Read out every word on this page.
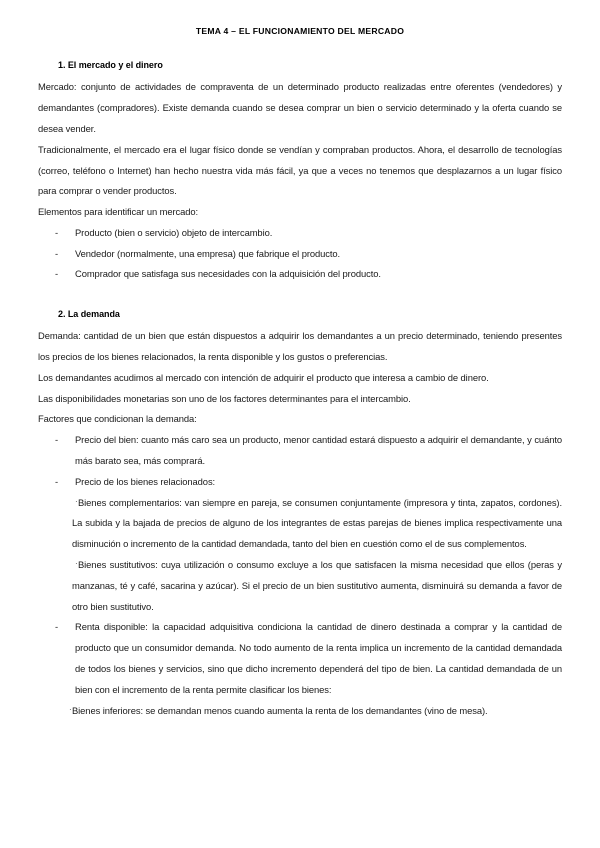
TEMA 4 – EL FUNCIONAMIENTO DEL MERCADO
1. El mercado y el dinero

Mercado: conjunto de actividades de compraventa de un determinado producto realizadas entre oferentes (vendedores) y demandantes (compradores). Existe demanda cuando se desea comprar un bien o servicio determinado y la oferta cuando se desea vender.

Tradicionalmente, el mercado era el lugar físico donde se vendían y compraban productos. Ahora, el desarrollo de tecnologías (correo, teléfono o Internet) han hecho nuestra vida más fácil, ya que a veces no tenemos que desplazarnos a un lugar físico para comprar o vender productos.

Elementos para identificar un mercado:

- Producto (bien o servicio) objeto de intercambio.

- Vendedor (normalmente, una empresa) que fabrique el producto.

- Comprador que satisfaga sus necesidades con la adquisición del producto.

2. La demanda

Demanda: cantidad de un bien que están dispuestos a adquirir los demandantes a un precio determinado, teniendo presentes los precios de los bienes relacionados, la renta disponible y los gustos o preferencias.

Los demandantes acudimos al mercado con intención de adquirir el producto que interesa a cambio de dinero.

Las disponibilidades monetarias son uno de los factores determinantes para el intercambio.

Factores que condicionan la demanda:

- Precio del bien: cuanto más caro sea un producto, menor cantidad estará dispuesto a adquirir el demandante, y cuánto más barato sea, más comprará.

- Precio de los bienes relacionados:

· Bienes complementarios: van siempre en pareja, se consumen conjuntamente (impresora y tinta, zapatos, cordones). La subida y la bajada de precios de alguno de los integrantes de estas parejas de bienes implica respectivamente una disminución o incremento de la cantidad demandada, tanto del bien en cuestión como el de sus complementos.

· Bienes sustitutivos: cuya utilización o consumo excluye a los que satisfacen la misma necesidad que ellos (peras y manzanas, té y café, sacarina y azúcar). Si el precio de un bien sustitutivo aumenta, disminuirá su demanda a favor de otro bien sustitutivo.

- Renta disponible: la capacidad adquisitiva condiciona la cantidad de dinero destinada a comprar y la cantidad de producto que un consumidor demanda. No todo aumento de la renta implica un incremento de la cantidad demandada de todos los bienes y servicios, sino que dicho incremento dependerá del tipo de bien. La cantidad demandada de un bien con el incremento de la renta permite clasificar los bienes:

· Bienes inferiores: se demandan menos cuando aumenta la renta de los demandantes (vino de mesa).
